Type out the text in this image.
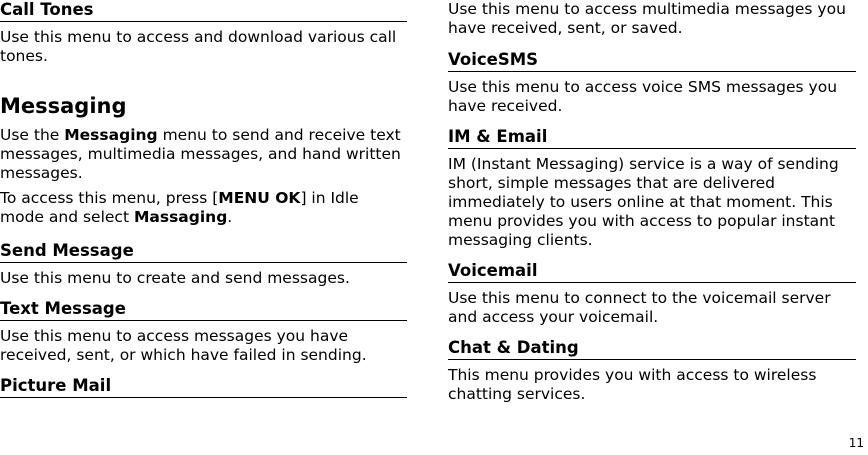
Call Tones

Use this menu to access and download various call tones.

Messaging

Use the Messaging menu to send and receive text messages, multimedia messages, and hand written messages.

To access this menu, press [MENU OK] in Idle mode and select Massaging.

Send Message

Use this menu to create and send messages.

Text Message

Use this menu to access messages you have received, sent, or which have failed in sending.

Picture Mail

Use this menu to access multimedia messages you have received, sent, or saved.

VoiceSMS

Use this menu to access voice SMS messages you have received.

IM & Email

IM (Instant Messaging) service is a way of sending short, simple messages that are delivered immediately to users online at that moment. This menu provides you with access to popular instant messaging clients.

Voicemail

Use this menu to connect to the voicemail server and access your voicemail.

Chat & Dating

This menu provides you with access to wireless chatting services.

11
